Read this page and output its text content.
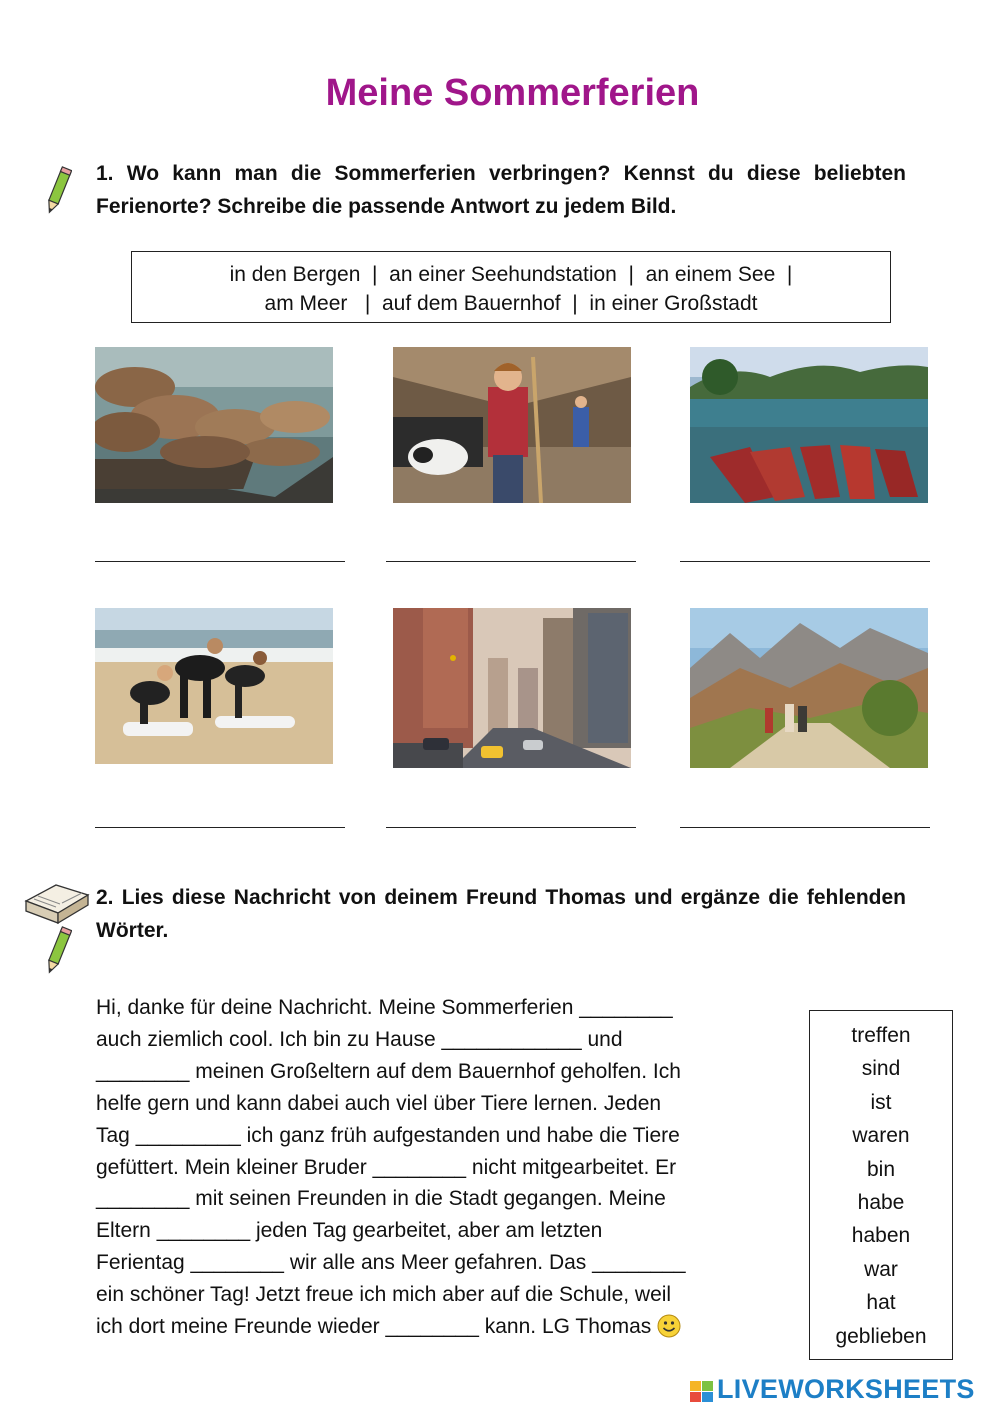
Meine Sommerferien
1. Wo kann man die Sommerferien verbringen? Kennst du diese beliebten Ferienorte? Schreibe die passende Antwort zu jedem Bild.
in den Bergen  |  an einer Seehundstation  |  an einem See  |
am Meer   |  auf dem Bauernhof  |  in einer Großstadt
2. Lies diese Nachricht von deinem Freund Thomas und ergänze die fehlenden Wörter.

Hi, danke für deine Nachricht. Meine Sommerferien ________

auch ziemlich cool. Ich bin zu Hause ____________ und

________ meinen Großeltern auf dem Bauernhof geholfen. Ich

helfe gern und kann dabei auch viel über Tiere lernen. Jeden

Tag _________ ich ganz früh aufgestanden und habe die Tiere

gefüttert. Mein kleiner Bruder ________ nicht mitgearbeitet. Er

________ mit seinen Freunden in die Stadt gegangen. Meine

Eltern ________ jeden Tag gearbeitet, aber am letzten

Ferientag ________ wir alle ans Meer gefahren. Das ________

ein schöner Tag! Jetzt freue ich mich aber auf die Schule, weil

ich dort meine Freunde wieder ________ kann. LG Thomas
treffen
sind
ist
waren
bin
habe
haben
war
hat
geblieben
LIVEWORKSHEETS
